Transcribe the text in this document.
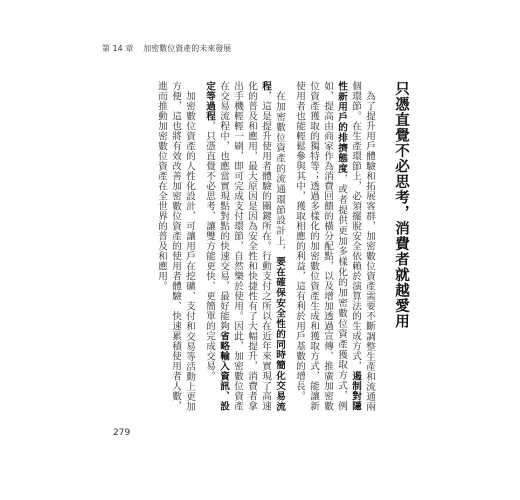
第 14 章 加密數位資產的未來發展
只憑直覺不必思考，消費者就越愛用

為了提升用戶體驗和拓展客群，加密數位資產需要不斷調整生產和流通兩個環節。在生產環節上，必須擺脫安全依賴於演算法的生成方式，遏制對隱性新用戶的排擠態度，或者提供更加多樣化的加密數位資產獲取方式，例如，提高由商家作為消費回饋的橫分配點，以及增加透過宣傳、推廣加密數位資產獲取的獨特等；透過多樣化的加密數位資產生成和獲取方式，能讓新使用者也能輕鬆參與其中，獲取相應的利益，這有利於用戶基數的增長。

在加密數位資產的流通環節設計上，要在確保安全性的同時簡化交易流程，這是提升使用者體驗的關鍵所在。行動支付之所以在近年來實現了高速化的普及和應用，最大原因是因為安全性和快捷性有了大幅提升，消費者拿出手機輕輕一刷，即可完成支付環節，自然樂於使用。因此，加密數位資產在交易流程中，也應當實現點對點的快速交易，最好能夠省略輸入資訊、設定等過程，只憑直覺不必思考，讓雙方能更快、更簡單的完成交易。

加密數位資產的人性化設計，可讓用戶在挖礦、支付和交易等活動上更加方便，這也將有效改善加密數位資產的使用者體驗、快速累積使用者人數，進而推動加密數位資產在全世界的普及和應用。

279
